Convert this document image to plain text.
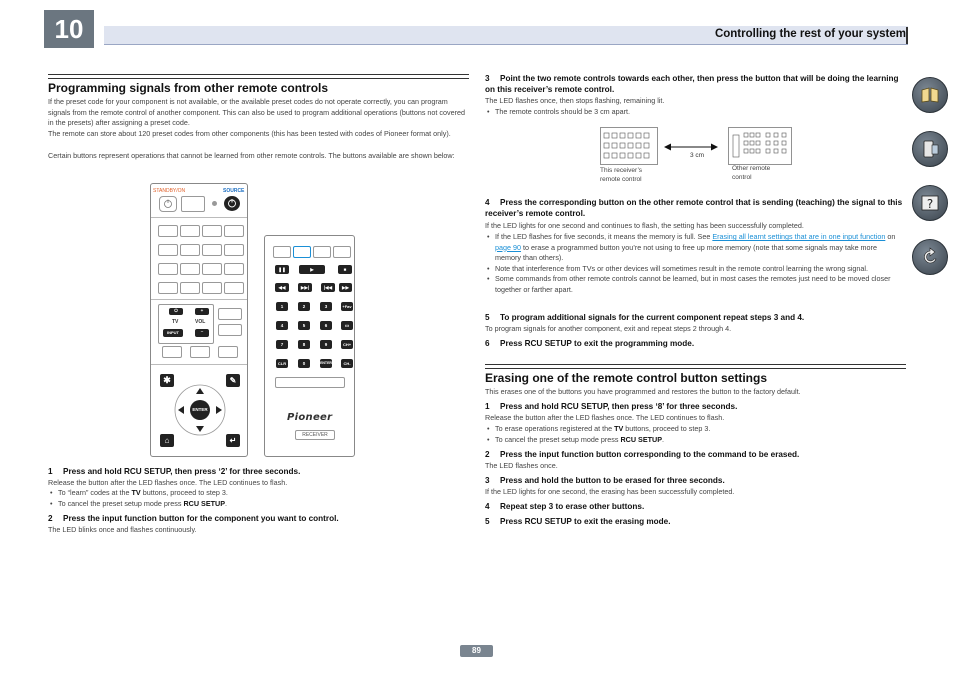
10	Controlling the rest of your system
Programming signals from other remote controls

If the preset code for your component is not available, or the available preset codes do not operate correctly, you can program signals from the remote control of another component. This can also be used to program additional operations (buttons not covered in the presets) after assigning a preset code.

The remote can store about 120 preset codes from other components (this has been tested with codes of Pioneer format only).

Certain buttons represent operations that cannot be learned from other remote controls. The buttons available are shown below:

STANDBY/ON	SOURCE
⏻	+
TV	VOL
INPUT	–
✱	✎
ENTER
⌂	↵
❚❚	▶	■
◀◀	▶▶|	|◀◀	▶▶
1	2	3	+Fav
4	5	6	▭
7	8	9	CH+
CLR	0	ENTER	CH-
Pioneer
RECEIVER

1 Press and hold RCU SETUP, then press ‘2’ for three seconds.

Release the button after the LED flashes once. The LED continues to flash.

• To “learn” codes at the TV buttons, proceed to step 3.
• To cancel the preset setup mode press RCU SETUP.

2 Press the input function button for the component you want to control.

The LED blinks once and flashes continuously.

3 Point the two remote controls towards each other, then press the button that will be doing the learning on this receiver’s remote control.

The LED flashes once, then stops flashing, remaining lit.

• The remote controls should be 3 cm apart.
3 cm
This receiver’s
remote control
Other remote
control

4 Press the corresponding button on the other remote control that is sending (teaching) the signal to this receiver’s remote control.

If the LED lights for one second and continues to flash, the setting has been successfully completed.

• If the LED flashes for five seconds, it means the memory is full. See Erasing all learnt settings that are in one input function on page 90 to erase a programmed button you’re not using to free up more memory (note that some signals may take more memory than others).
• Note that interference from TVs or other devices will sometimes result in the remote control learning the wrong signal.
• Some commands from other remote controls cannot be learned, but in most cases the remotes just need to be moved closer together or farther apart.

5 To program additional signals for the current component repeat steps 3 and 4.

To program signals for another component, exit and repeat steps 2 through 4.

6 Press RCU SETUP to exit the programming mode.

Erasing one of the remote control button settings

This erases one of the buttons you have programmed and restores the button to the factory default.

1 Press and hold RCU SETUP, then press ‘8’ for three seconds.

Release the button after the LED flashes once. The LED continues to flash.

• To erase operations registered at the TV buttons, proceed to step 3.
• To cancel the preset setup mode press RCU SETUP.

2 Press the input function button corresponding to the command to be erased.

The LED flashes once.

3 Press and hold the button to be erased for three seconds.

If the LED lights for one second, the erasing has been successfully completed.

4 Repeat step 3 to erase other buttons.

5 Press RCU SETUP to exit the erasing mode.

?
89
